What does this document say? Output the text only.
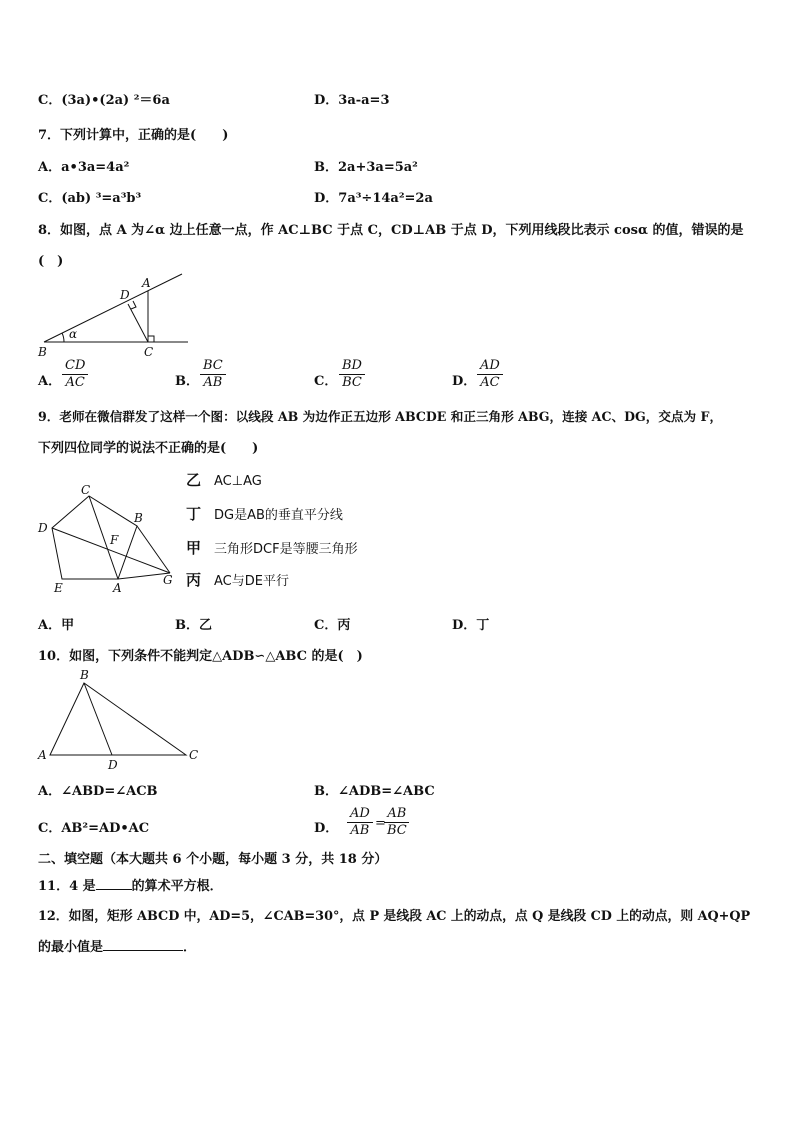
C．(3a)•(2a) ²＝6a	D．3a-a=3
7．下列计算中，正确的是(　　)
A．a•3a=4a²	B．2a+3a=5a²
C．(ab) ³=a³b³	D．7a³÷14a²=2a
8．如图，点 A 为∠α 边上任意一点，作 AC⊥BC 于点 C，CD⊥AB 于点 D，下列用线段比表示 cosα 的值，错误的是
(　)
B	C
D
A
α
A． $\frac{CD}{AC}$	B． $\frac{BC}{AB}$	C． $\frac{BD}{BC}$	D． $\frac{AD}{AC}$
9．老师在微信群发了这样一个图：以线段 AB 为边作正五边形 ABCDE 和正三角形 ABG，连接 AC、DG，交点为 F，
下列四位同学的说法不正确的是(　　)
C
B
D
F
G
E	A
乙 AC⊥AG
丁 DG是AB的垂直平分线
甲 三角形DCF是等腰三角形
丙 AC与DE平行
A．甲	B．乙	C．丙	D．丁
10．如图，下列条件不能判定△ADB∽△ABC 的是(　)
B
A	C
D
A．∠ABD=∠ACB	B．∠ADB=∠ABC
C．AB²=AD•AC	D． $\frac{AD}{AB}$ =
$\frac{AB}{BC}$
二、填空题（本大题共 6 个小题，每小题 3 分，共 18 分）
11．4 是	的算术平方根．
12．如图，矩形 ABCD 中，AD=5，∠CAB=30°，点 P 是线段 AC 上的动点，点 Q 是线段 CD 上的动点，则 AQ+QP
的最小值是	．
